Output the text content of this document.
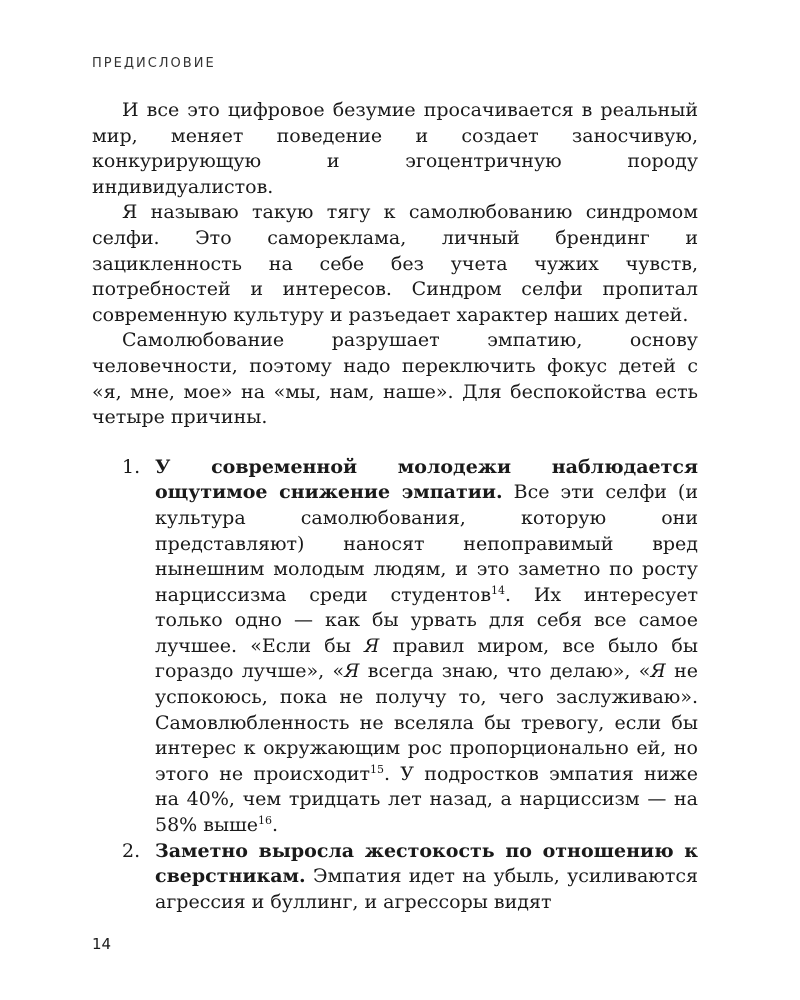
ПРЕДИСЛОВИЕ

И все это цифровое безумие просачивается в реальный мир, меняет поведение и создает заносчивую, конкурирующую и эгоцентричную породу индивидуалистов.

Я называю такую тягу к самолюбованию синдромом селфи. Это самореклама, личный брендинг и зацикленность на себе без учета чужих чувств, потребностей и интересов. Синдром селфи пропитал современную культуру и разъедает характер наших детей.

Самолюбование разрушает эмпатию, основу человечности, поэтому надо переключить фокус детей с «я, мне, мое» на «мы, нам, наше». Для беспокойства есть четыре причины.

1. У современной молодежи наблюдается ощутимое снижение эмпатии. Все эти селфи (и культура самолюбования, которую они представляют) наносят непоправимый вред нынешним молодым людям, и это заметно по росту нарциссизма среди студентов$^{14}$. Их интересует только одно — как бы урвать для себя все самое лучшее. «Если бы Я правил миром, все было бы гораздо лучше», «Я всегда знаю, что делаю», «Я не успокоюсь, пока не получу то, чего заслуживаю». Самовлюбленность не вселяла бы тревогу, если бы интерес к окружающим рос пропорционально ей, но этого не происходит$^{15}$. У подростков эмпатия ниже на 40%, чем тридцать лет назад, а нарциссизм — на 58% выше$^{16}$.
2. Заметно выросла жестокость по отношению к сверстникам. Эмпатия идет на убыль, усиливаются агрессия и буллинг, и агрессоры видят
14
